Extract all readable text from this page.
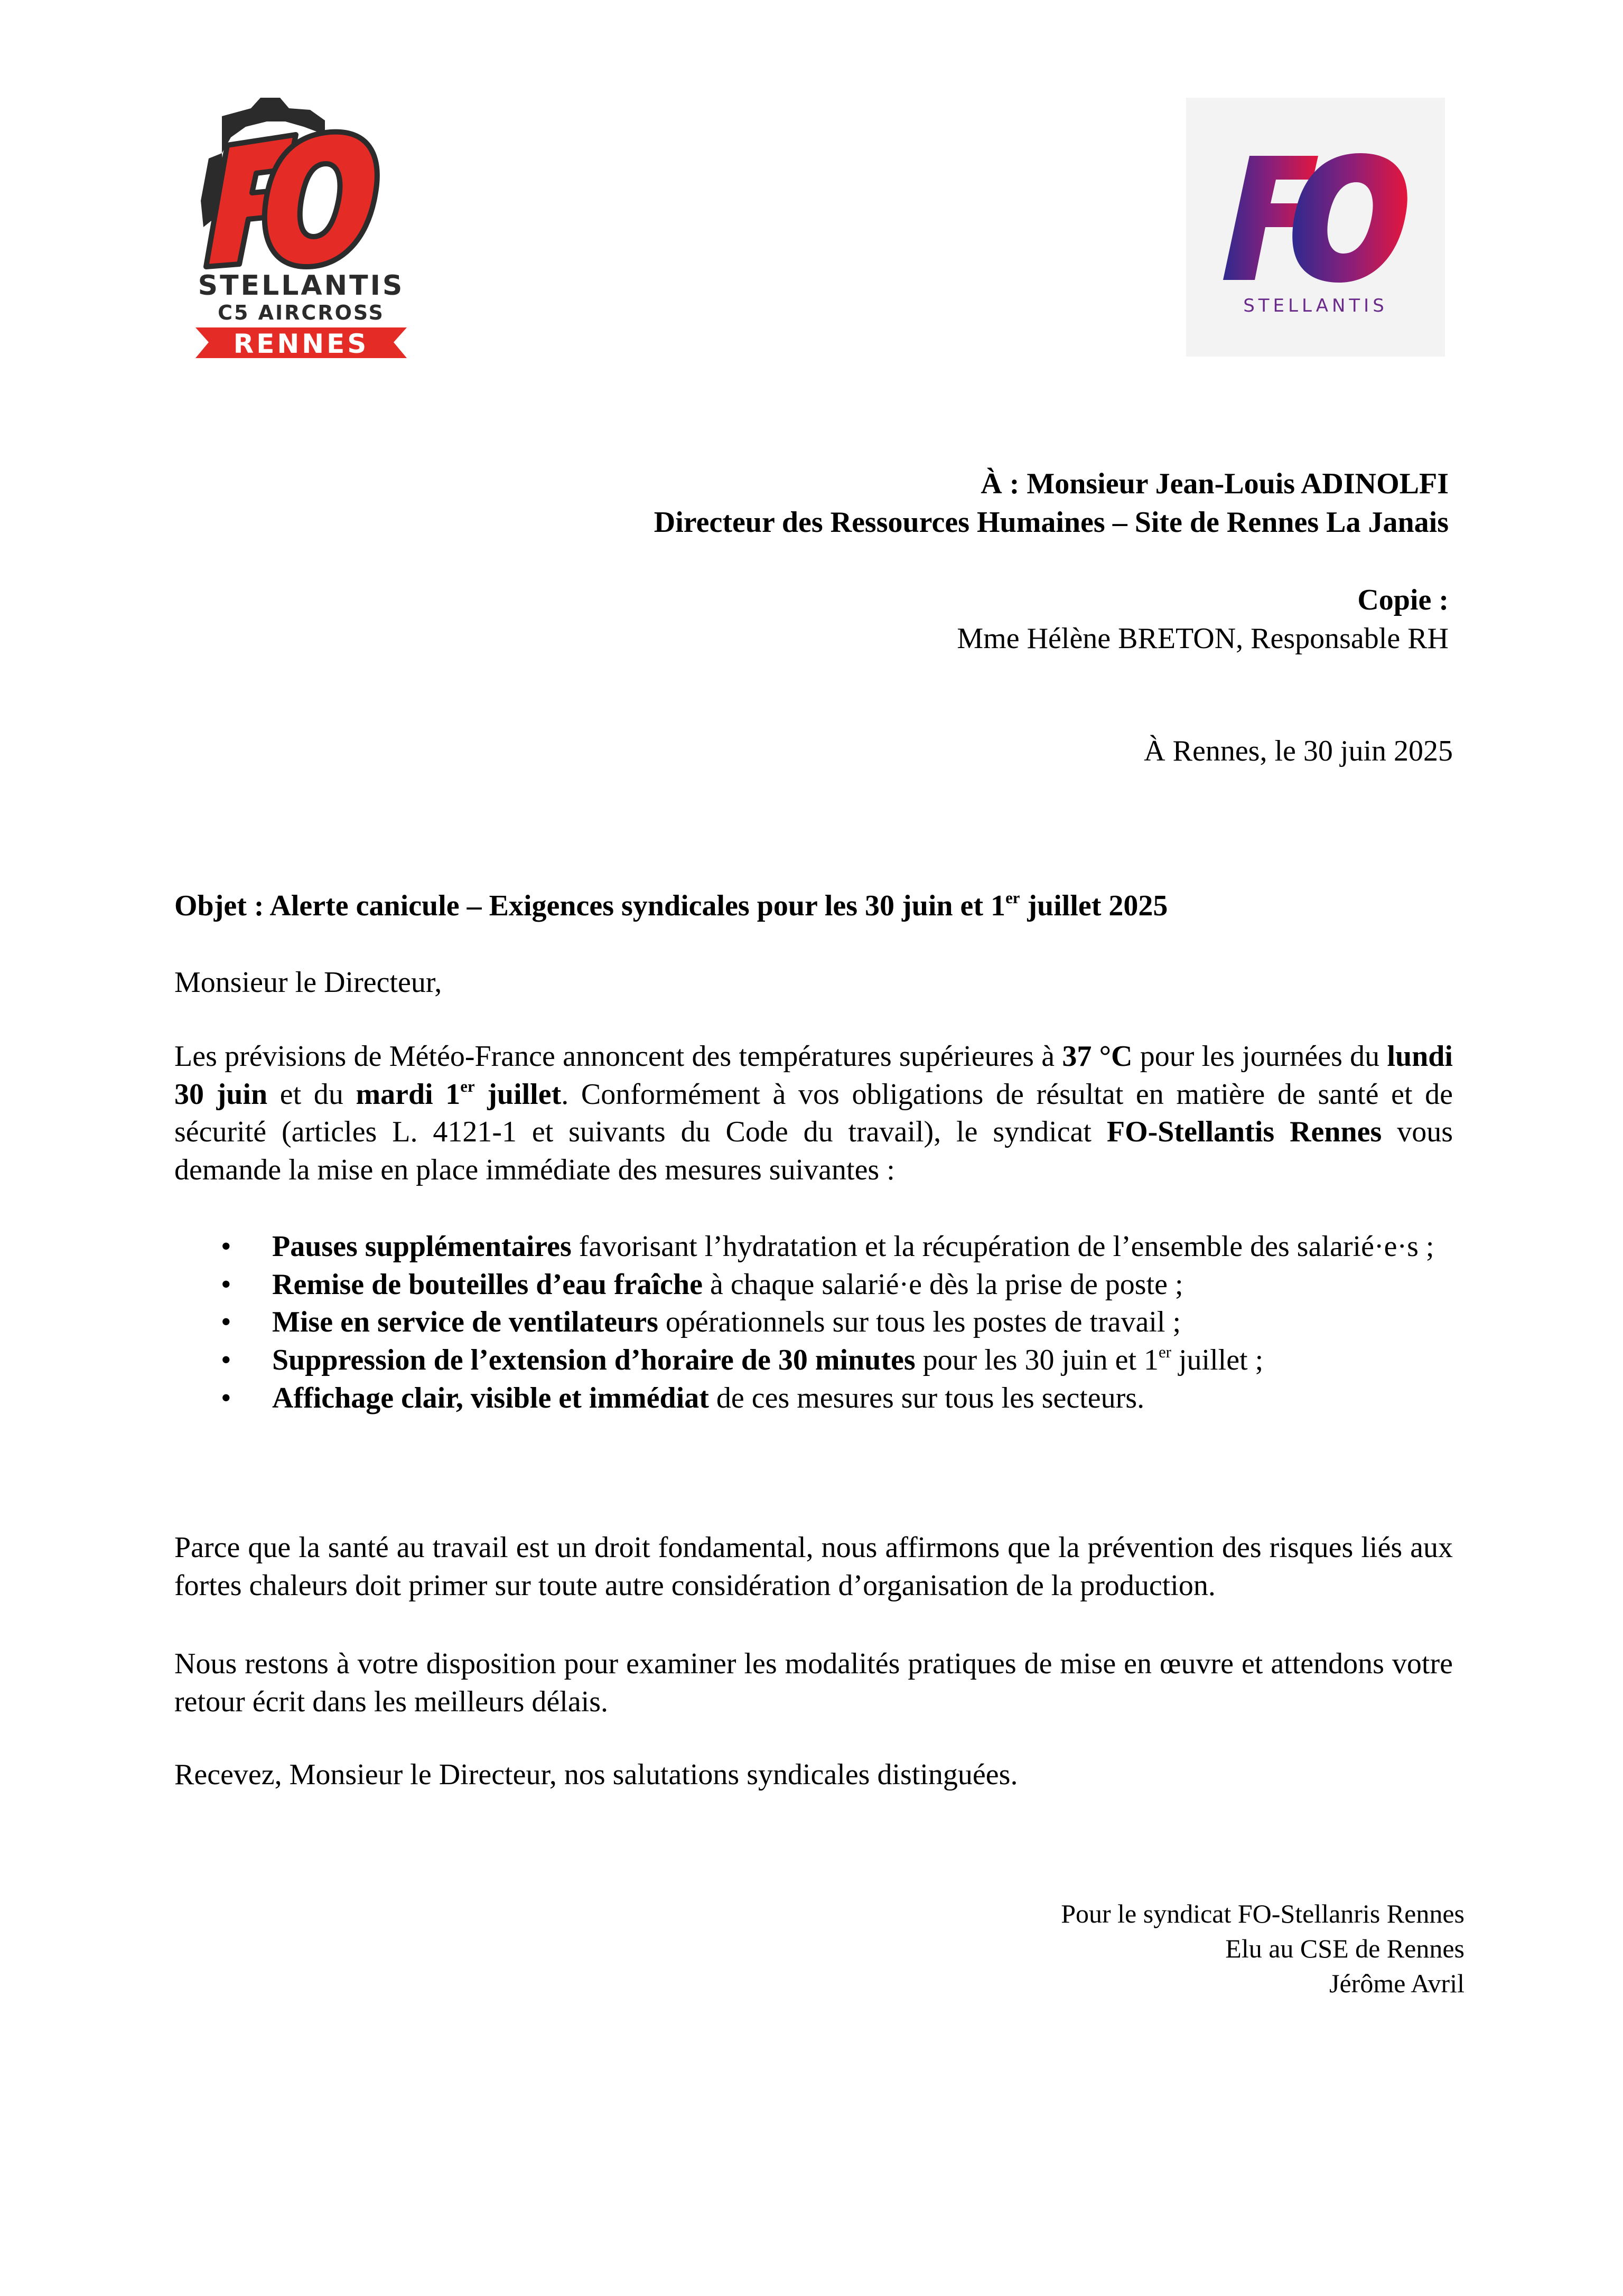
STELLANTIS
C5 AIRCROSS
RENNES
STELLANTIS
À : Monsieur Jean-Louis ADINOLFI
Directeur des Ressources Humaines – Site de Rennes La Janais
Copie :
Mme Hélène BRETON, Responsable RH
À Rennes, le 30 juin 2025
Objet : Alerte canicule – Exigences syndicales pour les 30 juin et 1er juillet 2025
Monsieur le Directeur,
Les prévisions de Météo-France annoncent des températures supérieures à 37 °C pour les journées du lundi 30 juin et du mardi 1er juillet. Conformément à vos obligations de résultat en matière de santé et de sécurité (articles L. 4121-1 et suivants du Code du travail), le syndicat FO-Stellantis Rennes vous demande la mise en place immédiate des mesures suivantes :
• Pauses supplémentaires favorisant l’hydratation et la récupération de l’ensemble des salarié·e·s ;
• Remise de bouteilles d’eau fraîche à chaque salarié·e dès la prise de poste ;
• Mise en service de ventilateurs opérationnels sur tous les postes de travail ;
• Suppression de l’extension d’horaire de 30 minutes pour les 30 juin et 1er juillet ;
• Affichage clair, visible et immédiat de ces mesures sur tous les secteurs.
Parce que la santé au travail est un droit fondamental, nous affirmons que la prévention des risques liés aux fortes chaleurs doit primer sur toute autre considération d’organisation de la production.
Nous restons à votre disposition pour examiner les modalités pratiques de mise en œuvre et attendons votre retour écrit dans les meilleurs délais.
Recevez, Monsieur le Directeur, nos salutations syndicales distinguées.
Pour le syndicat FO-Stellanris Rennes
Elu au CSE de Rennes
Jérôme Avril
